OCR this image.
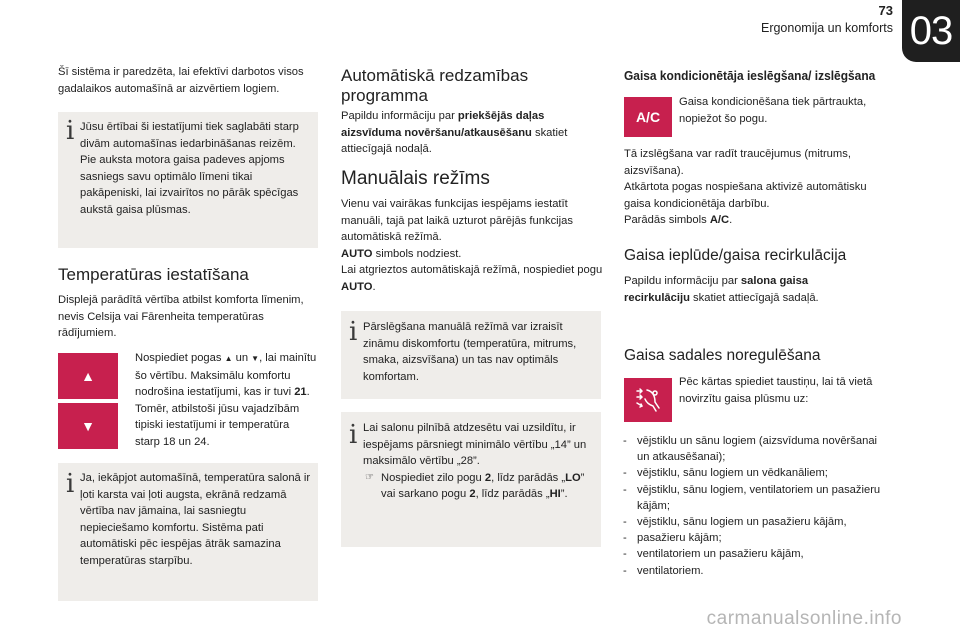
73
Ergonomija un komforts 03
Šī sistēma ir paredzēta, lai efektīvi darbotos visos gadalaikos automašīnā ar aizvērtiem logiem.
i Jūsu ērtībai ši iestatījumi tiek saglabāti starp divām automašīnas iedarbināšanas reizēm.
Pie auksta motora gaisa padeves apjoms sasniegs savu optimālo līmeni tikai pakāpeniski, lai izvairītos no pārāk spēcīgas aukstā gaisa plūsmas.
Temperatūras iestatīšana
Displejā parādītā vērtība atbilst komforta līmenim, nevis Celsija vai Fārenheita temperatūras rādījumiem.
▲
▼
Nospiediet pogas ▲ un ▼, lai mainītu šo vērtību. Maksimālu komfortu nodrošina iestatījumi, kas ir tuvi 21. Tomēr, atbilstoši jūsu vajadzībām tipiski iestatījumi ir temperatūra starp 18 un 24.
i Ja, iekāpjot automašīnā, temperatūra salonā ir ļoti karsta vai ļoti augsta, ekrānā redzamā vērtība nav jāmaina, lai sasniegtu nepieciešamo komfortu. Sistēma pati automātiski pēc iespējas ātrāk samazina temperatūras starpību.
Automātiskā redzamības programma
Papildu informāciju par priekšējās daļas aizsvīduma novēršanu/atkausēšanu skatiet attiecīgajā nodaļā.
Manuālais režīms
Vienu vai vairākas funkcijas iespējams iestatīt manuāli, tajā pat laikā uzturot pārējās funkcijas automātiskā režīmā.
AUTO simbols nodziest.
Lai atgrieztos automātiskajā režīmā, nospiediet pogu AUTO.
i Pārslēgšana manuālā režīmā var izraisīt zināmu diskomfortu (temperatūra, mitrums, smaka, aizsvīšana) un tas nav optimāls komfortam.
i Lai salonu pilnībā atdzesētu vai uzsildītu, ir iespējams pārsniegt minimālo vērtību „14” un maksimālo vērtību „28”.
☞ Nospiediet zilo pogu 2, līdz parādās „LO” vai sarkano pogu 2, līdz parādās „HI”.
Gaisa kondicionētāja ieslēgšana/ izslēgšana
A/C
Gaisa kondicionēšana tiek pārtraukta, nopiežot šo pogu.
Tā izslēgšana var radīt traucējumus (mitrums, aizsvīšana).
Atkārtota pogas nospiešana aktivizē automātisku gaisa kondicionētāja darbību.
Parādās simbols A/C.
Gaisa ieplūde/gaisa recirkulācija
Papildu informāciju par salona gaisa recirkulāciju skatiet attiecīgajā sadaļā.
Gaisa sadales noregulēšana
Pēc kārtas spiediet taustiņu, lai tā vietā novirzītu gaisa plūsmu uz:
- vējstiklu un sānu logiem (aizsvīduma novēršanai un atkausēšanai);
- vējstiklu, sānu logiem un vēdkanāliem;
- vējstiklu, sānu logiem, ventilatoriem un pasažieru kājām;
- vējstiklu, sānu logiem un pasažieru kājām,
- pasažieru kājām;
- ventilatoriem un pasažieru kājām,
- ventilatoriem.
carmanualsonline.info
